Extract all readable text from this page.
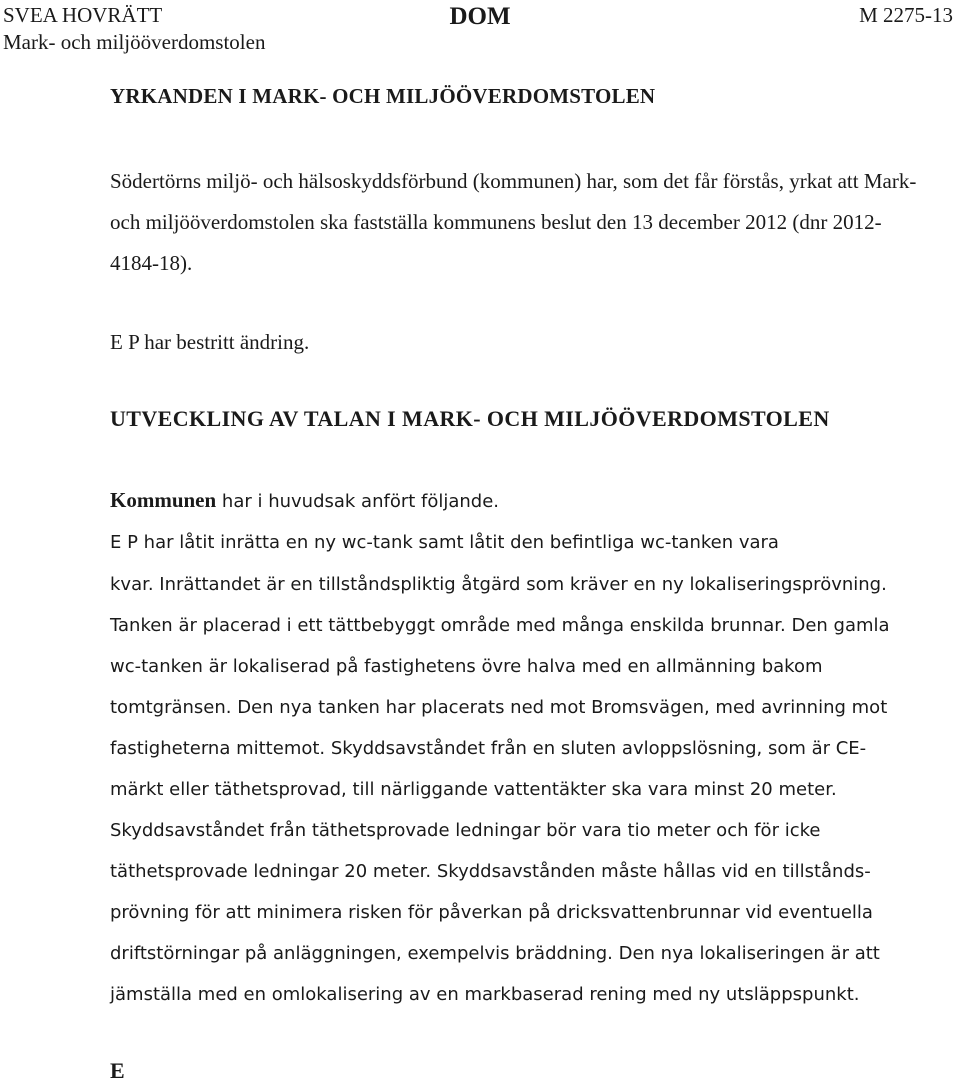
SVEA HOVRÄTT
Mark- och miljööverdomstolen
DOM	M 2275-13
YRKANDEN I MARK- OCH MILJÖÖVERDOMSTOLEN
Södertörns miljö- och hälsoskyddsförbund (kommunen) har, som det får förstås, yrkat att Mark- och miljööverdomstolen ska fastställa kommunens beslut den 13 december 2012 (dnr 2012-4184-18).
E P har bestritt ändring.
UTVECKLING AV TALAN I MARK- OCH MILJÖÖVERDOMSTOLEN
Kommunen har i huvudsak anfört följande.
E P har låtit inrätta en ny wc-tank samt låtit den befintliga wc-tanken vara
kvar. Inrättandet är en tillståndspliktig åtgärd som kräver en ny lokaliseringsprövning.
Tanken är placerad i ett tättbebyggt område med många enskilda brunnar. Den gamla
wc-tanken är lokaliserad på fastighetens övre halva med en allmänning bakom
tomtgränsen. Den nya tanken har placerats ned mot Bromsvägen, med avrinning mot
fastigheterna mittemot. Skyddsavståndet från en sluten avloppslösning, som är CE-
märkt eller täthetsprovad, till närliggande vattentäkter ska vara minst 20 meter.
Skyddsavståndet från täthetsprovade ledningar bör vara tio meter och för icke
täthetsprovade ledningar 20 meter. Skyddsavstånden måste hållas vid en tillstånds-
prövning för att minimera risken för påverkan på dricksvattenbrunnar vid eventuella
driftstörningar på anläggningen, exempelvis bräddning. Den nya lokaliseringen är att
jämställa med en omlokalisering av en markbaserad rening med ny utsläppspunkt.
E
